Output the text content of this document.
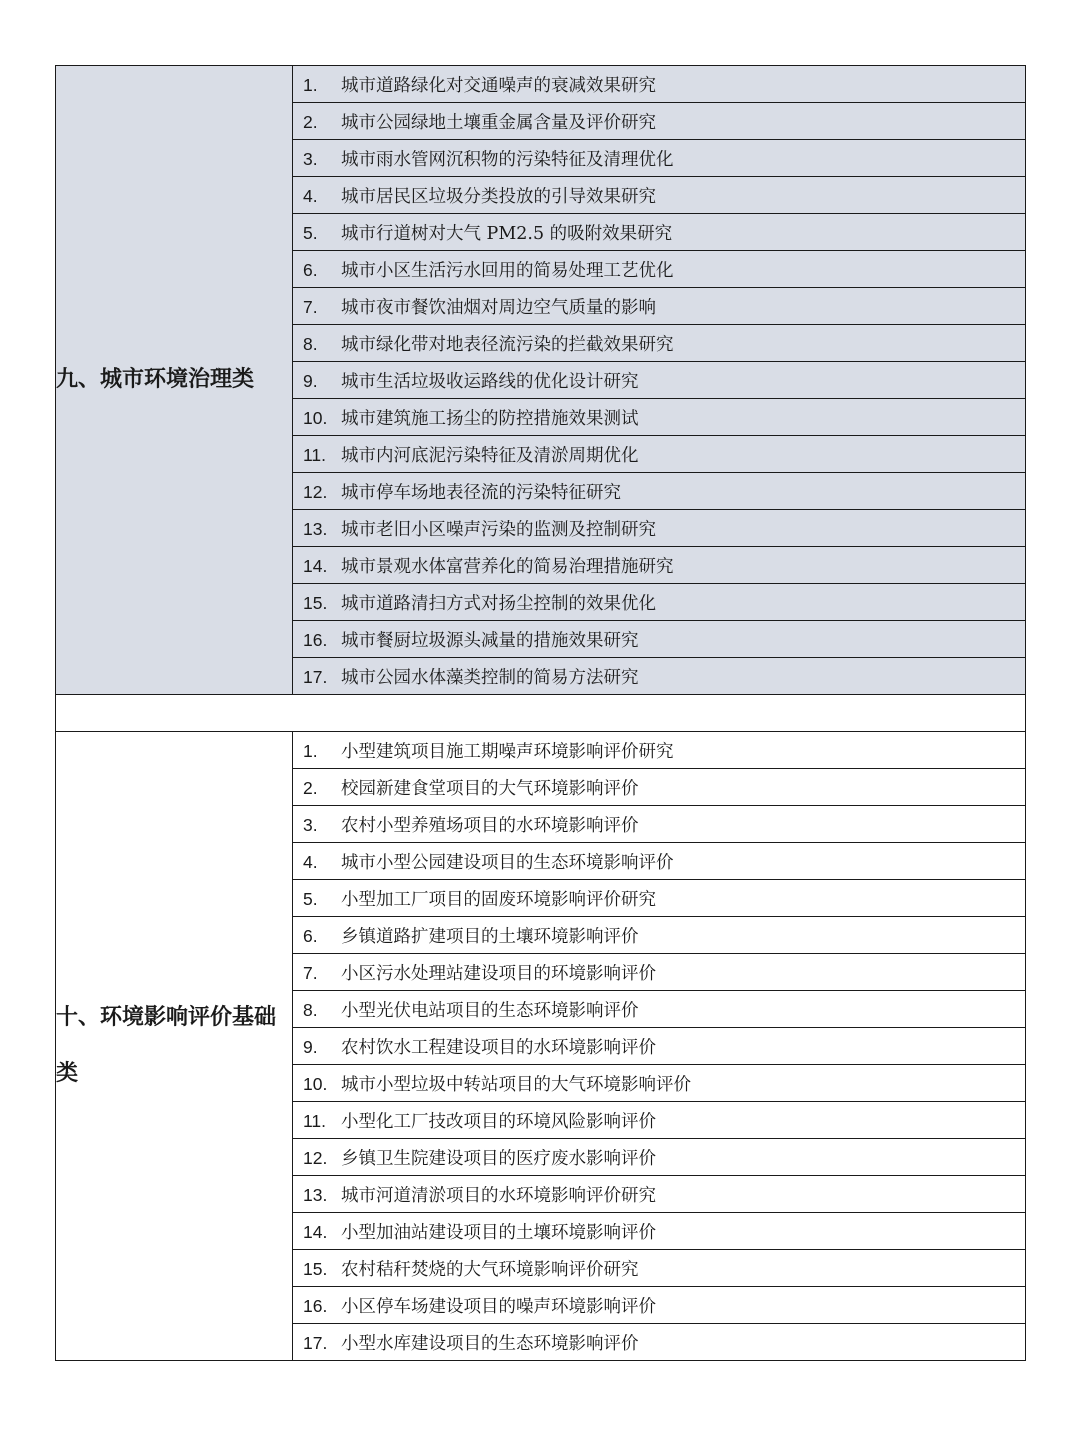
九、城市环境治理类	1. 城市道路绿化对交通噪声的衰减效果研究
	2. 城市公园绿地土壤重金属含量及评价研究
	3. 城市雨水管网沉积物的污染特征及清理优化
	4. 城市居民区垃圾分类投放的引导效果研究
	5. 城市行道树对大气 PM2.5 的吸附效果研究
	6. 城市小区生活污水回用的简易处理工艺优化
	7. 城市夜市餐饮油烟对周边空气质量的影响
	8. 城市绿化带对地表径流污染的拦截效果研究
	9. 城市生活垃圾收运路线的优化设计研究
	10. 城市建筑施工扬尘的防控措施效果测试
	11. 城市内河底泥污染特征及清淤周期优化
	12. 城市停车场地表径流的污染特征研究
	13. 城市老旧小区噪声污染的监测及控制研究
	14. 城市景观水体富营养化的简易治理措施研究
	15. 城市道路清扫方式对扬尘控制的效果优化
	16. 城市餐厨垃圾源头减量的措施效果研究
	17. 城市公园水体藻类控制的简易方法研究

十、环境影响评价基础类	1. 小型建筑项目施工期噪声环境影响评价研究
	2. 校园新建食堂项目的大气环境影响评价
	3. 农村小型养殖场项目的水环境影响评价
	4. 城市小型公园建设项目的生态环境影响评价
	5. 小型加工厂项目的固废环境影响评价研究
	6. 乡镇道路扩建项目的土壤环境影响评价
	7. 小区污水处理站建设项目的环境影响评价
	8. 小型光伏电站项目的生态环境影响评价
	9. 农村饮水工程建设项目的水环境影响评价
	10. 城市小型垃圾中转站项目的大气环境影响评价
	11. 小型化工厂技改项目的环境风险影响评价
	12. 乡镇卫生院建设项目的医疗废水影响评价
	13. 城市河道清淤项目的水环境影响评价研究
	14. 小型加油站建设项目的土壤环境影响评价
	15. 农村秸秆焚烧的大气环境影响评价研究
	16. 小区停车场建设项目的噪声环境影响评价
	17. 小型水库建设项目的生态环境影响评价
